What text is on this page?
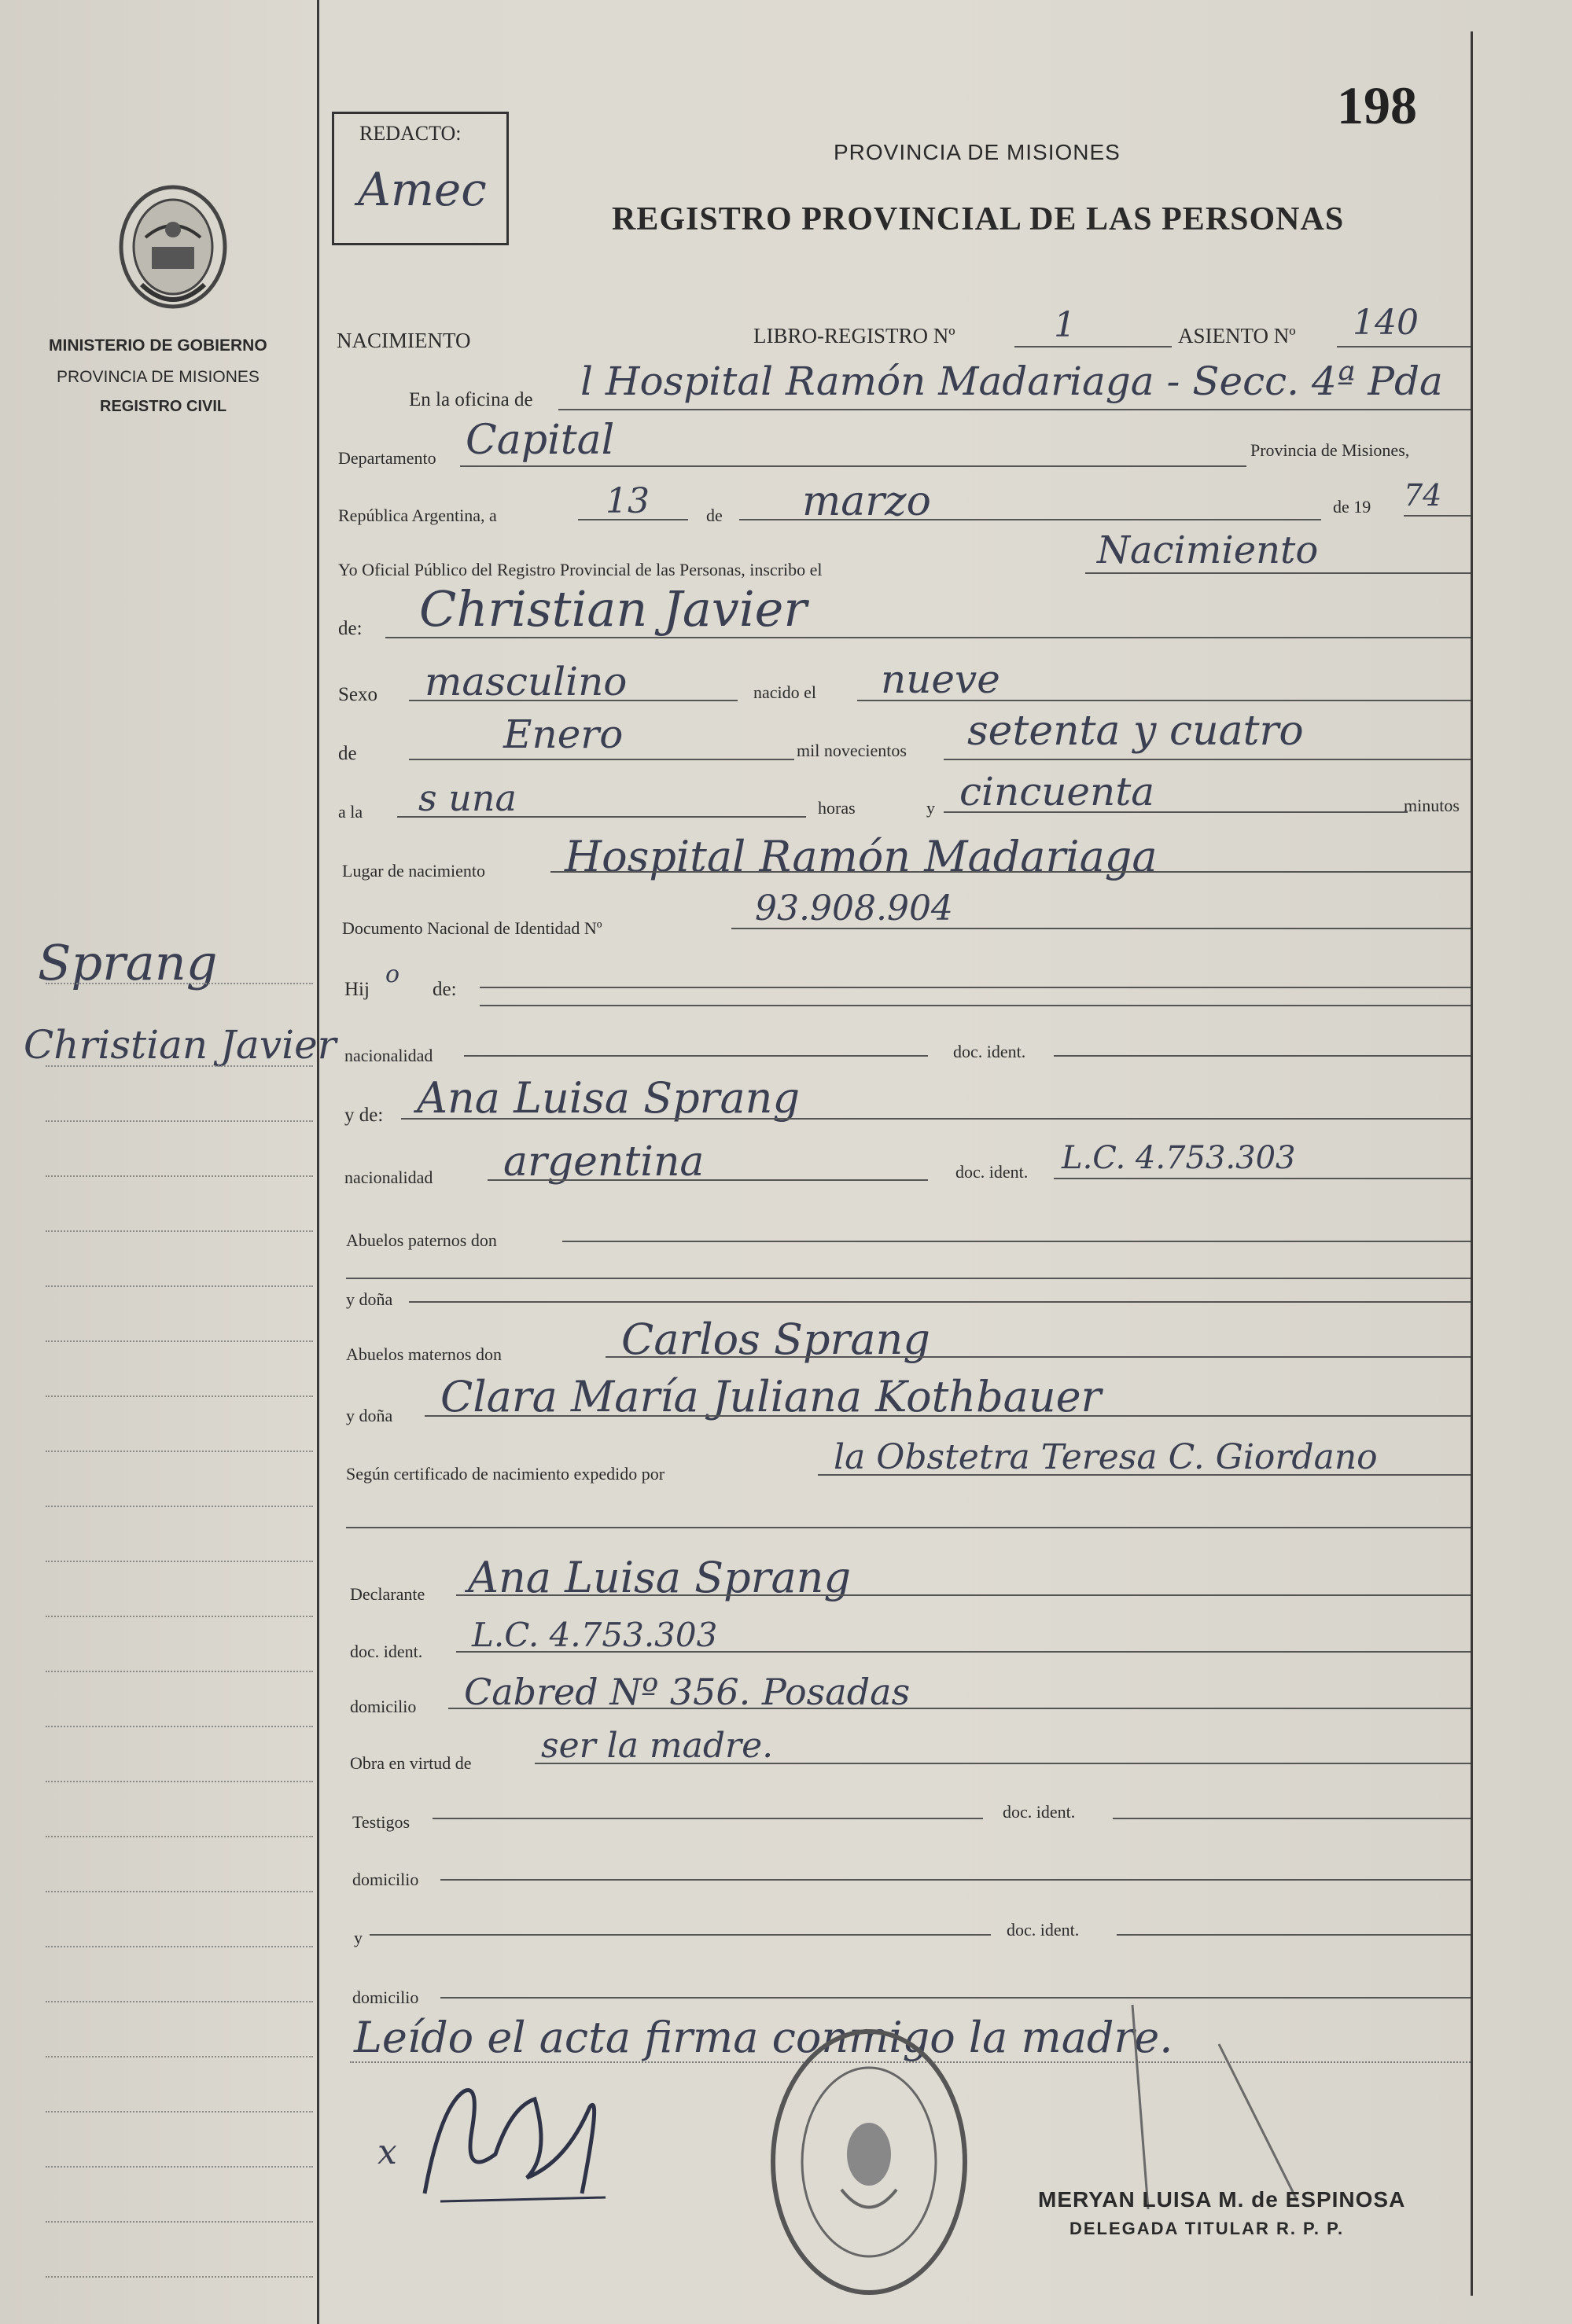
198
REDACTO:
Amec
PROVINCIA DE MISIONES
REGISTRO PROVINCIAL DE LAS PERSONAS
MINISTERIO DE GOBIERNO
PROVINCIA DE MISIONES
REGISTRO CIVIL
Sprang
Christian Javier
NACIMIENTO	LIBRO-REGISTRO Nº	1	ASIENTO Nº 140
En la oficina de l Hospital Ramón Madariaga - Secc. 4ª Pda
Departamento Capital	Provincia de Misiones,
República Argentina, a	13	de marzo	de 19 74
Yo Oficial Público del Registro Provincial de las Personas, inscribo el	Nacimiento
de: Christian Javier
Sexo masculino	nacido el nueve
de	Enero	mil novecientos setenta y cuatro
a la s una	horas	y cincuenta	minutos
Lugar de nacimiento Hospital Ramón Madariaga
Documento Nacional de Identidad Nº	93.908.904
Hij
o
de:
nacionalidad	doc. ident.
y de: Ana Luisa Sprang
nacionalidad argentina	doc. ident. L.C. 4.753.303
Abuelos paternos don
y doña
Abuelos maternos don	Carlos Sprang
y doña Clara María Juliana Kothbauer
Según certificado de nacimiento expedido por	la Obstetra Teresa C. Giordano
Declarante Ana Luisa Sprang
doc. ident. L.C. 4.753.303
domicilio Cabred Nº 356. Posadas
Obra en virtud de ser la madre.
Testigos
doc. ident.
domicilio
y	doc. ident.
domicilio
Leído el acta firma conmigo la madre.
x
MERYAN LUISA M. de ESPINOSA
DELEGADA TITULAR R. P. P.
